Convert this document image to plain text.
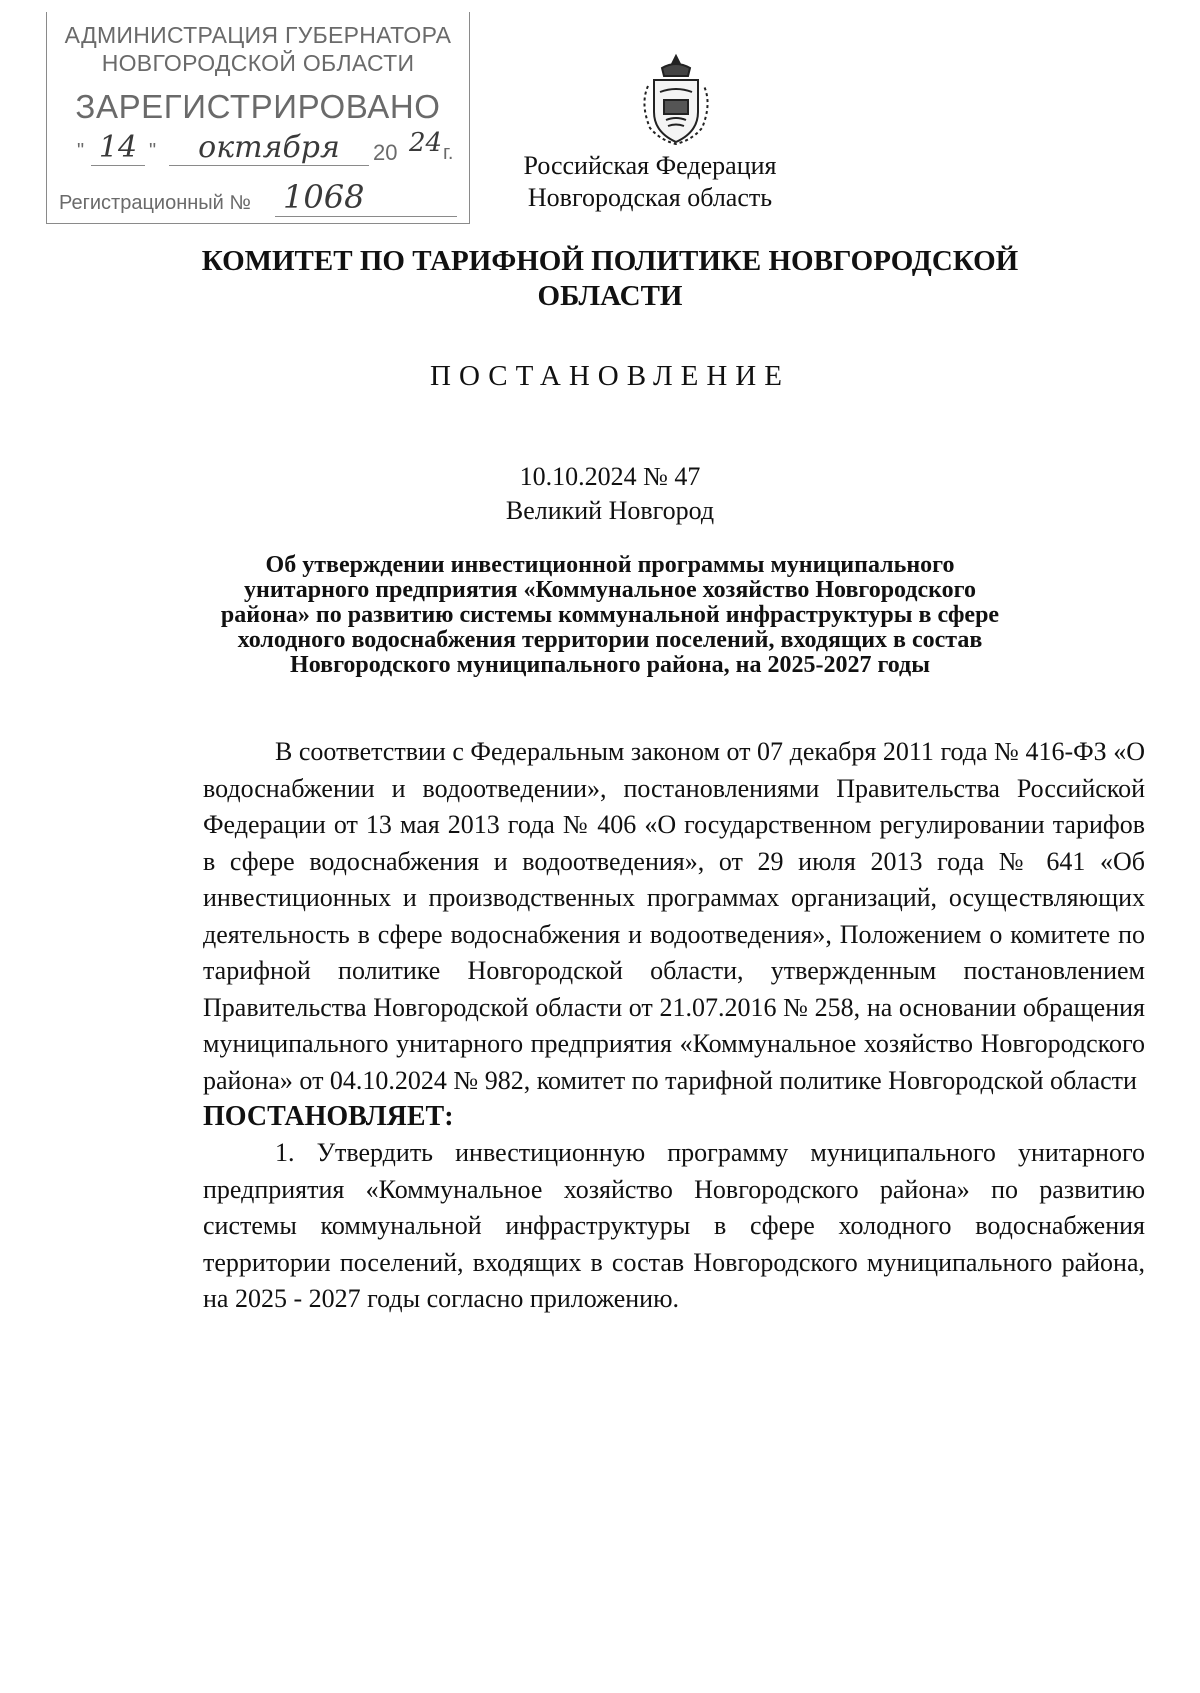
АДМИНИСТРАЦИЯ ГУБЕРНАТОРА
НОВГОРОДСКОЙ ОБЛАСТИ
ЗАРЕГИСТРИРОВАНО
" 14 "	октября	20 24 г.
Регистрационный № 1068
Российская Федерация
Новгородская область
КОМИТЕТ ПО ТАРИФНОЙ ПОЛИТИКЕ НОВГОРОДСКОЙ ОБЛАСТИ
ПОСТАНОВЛЕНИЕ
10.10.2024 № 47
Великий Новгород
Об утверждении инвестиционной программы муниципального унитарного предприятия «Коммунальное хозяйство Новгородского района» по развитию системы коммунальной инфраструктуры в сфере холодного водоснабжения территории поселений, входящих в состав Новгородского муниципального района, на 2025-2027 годы

В соответствии с Федеральным законом от 07 декабря 2011 года № 416-ФЗ «О водоснабжении и водоотведении», постановлениями Правительства Российской Федерации от 13 мая 2013 года № 406 «О государственном регулировании тарифов в сфере водоснабжения и водоотведения», от 29 июля 2013 года № 641 «Об инвестиционных и производственных программах организаций, осуществляющих деятельность в сфере водоснабжения и водоотведения», Положением о комитете по тарифной политике Новгородской области, утвержденным постановлением Правительства Новгородской области от 21.07.2016 № 258, на основании обращения муниципального унитарного предприятия «Коммунальное хозяйство Новгородского района» от 04.10.2024 № 982, комитет по тарифной политике Новгородской области

ПОСТАНОВЛЯЕТ:

1. Утвердить инвестиционную программу муниципального унитарного предприятия «Коммунальное хозяйство Новгородского района» по развитию системы коммунальной инфраструктуры в сфере холодного водоснабжения территории поселений, входящих в состав Новгородского муниципального района, на 2025 - 2027 годы согласно приложению.
